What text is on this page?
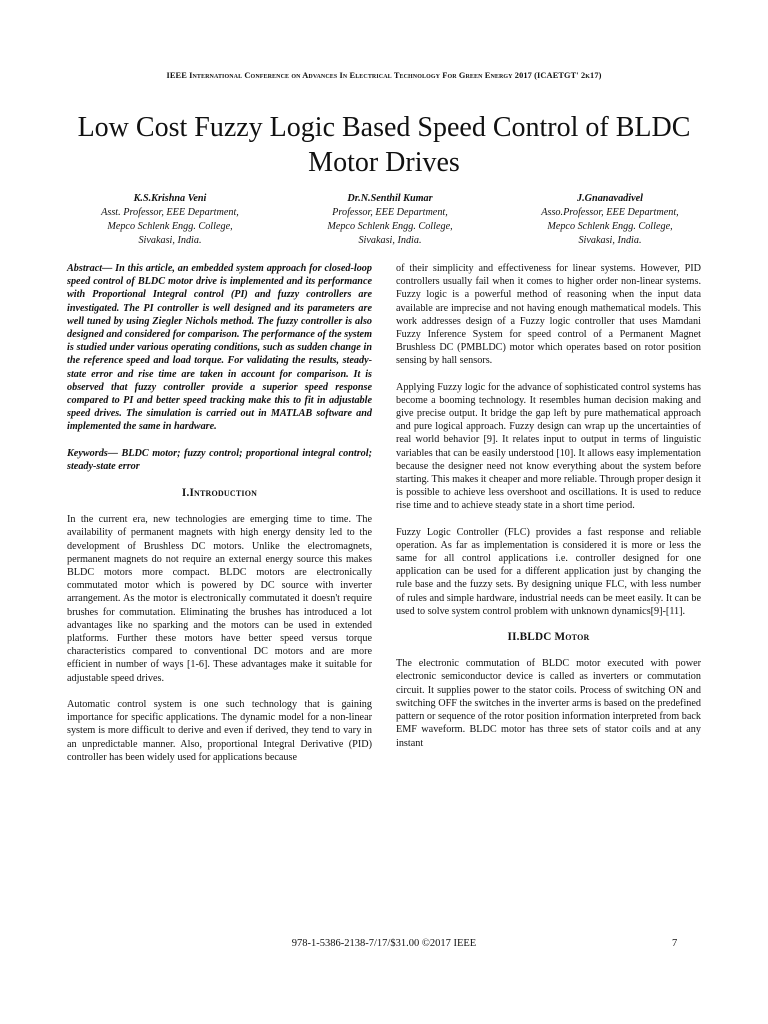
IEEE International Conference on Advances In Electrical Technology For Green Energy 2017 (ICAETGT' 2k17)
Low Cost Fuzzy Logic Based Speed Control of BLDC Motor Drives
K.S.Krishna Veni
Asst. Professor, EEE Department,
Mepco Schlenk Engg. College,
Sivakasi, India.
Dr.N.Senthil Kumar
Professor, EEE Department,
Mepco Schlenk Engg. College,
Sivakasi, India.
J.Gnanavadivel
Asso.Professor, EEE Department,
Mepco Schlenk Engg. College,
Sivakasi, India.

Abstract— In this article, an embedded system approach for closed-loop speed control of BLDC motor drive is implemented and its performance with Proportional Integral control (PI) and fuzzy controllers are investigated. The PI controller is well designed and its parameters are well tuned by using Ziegler Nichols method. The fuzzy controller is also designed and considered for comparison. The performance of the system is studied under various operating conditions, such as sudden change in the reference speed and load torque. For validating the results, steady-state error and rise time are taken in account for comparison. It is observed that fuzzy controller provide a superior speed response compared to PI and better speed tracking make this to fit in adjustable speed drives. The simulation is carried out in MATLAB software and implemented the same in hardware.

Keywords— BLDC motor; fuzzy control; proportional integral control; steady-state error

I.Introduction

In the current era, new technologies are emerging time to time. The availability of permanent magnets with high energy density led to the development of Brushless DC motors. Unlike the electromagnets, permanent magnets do not require an external energy source this makes BLDC motors more compact. BLDC motors are electronically commutated motor which is powered by DC source with inverter arrangement. As the motor is electronically commutated it doesn't require brushes for commutation. Eliminating the brushes has introduced a lot advantages like no sparking and the motors can be used in extended platforms. Further these motors have better speed versus torque characteristics compared to conventional DC motors and are more efficient in number of ways [1-6]. These advantages make it suitable for adjustable speed drives.

Automatic control system is one such technology that is gaining importance for specific applications. The dynamic model for a non-linear system is more difficult to derive and even if derived, they tend to vary in an unpredictable manner. Also, proportional Integral Derivative (PID) controller has been widely used for applications because

of their simplicity and effectiveness for linear systems. However, PID controllers usually fail when it comes to higher order non-linear systems. Fuzzy logic is a powerful method of reasoning when the input data available are imprecise and not having enough mathematical models. This work addresses design of a Fuzzy logic controller that uses Mamdani Fuzzy Inference System for speed control of a Permanent Magnet Brushless DC (PMBLDC) motor which operates based on rotor position sensing by hall sensors.

Applying Fuzzy logic for the advance of sophisticated control systems has become a booming technology. It resembles human decision making and give precise output. It bridge the gap left by pure mathematical approach and pure logical approach. Fuzzy design can wrap up the uncertainties of real world behavior [9]. It relates input to output in terms of linguistic variables that can be easily understood [10]. It allows easy implementation because the designer need not know everything about the system before starting. This makes it cheaper and more reliable. Through proper design it is possible to achieve less overshoot and oscillations. It is used to reduce rise time and to achieve steady state in a short time period.

Fuzzy Logic Controller (FLC) provides a fast response and reliable operation. As far as implementation is considered it is more or less the same for all control applications i.e. controller designed for one application can be used for a different application just by changing the rule base and the fuzzy sets. By designing unique FLC, with less number of rules and simple hardware, industrial needs can be meet easily. It can be used to solve system control problem with unknown dynamics[9]-[11].

II.BLDC Motor

The electronic commutation of BLDC motor executed with power electronic semiconductor device is called as inverters or commutation circuit. It supplies power to the stator coils. Process of switching ON and switching OFF the switches in the inverter arms is based on the predefined pattern or sequence of the rotor position information interpreted from back EMF waveform. BLDC motor has three sets of stator coils and at any instant

978-1-5386-2138-7/17/$31.00 ©2017 IEEE	7
